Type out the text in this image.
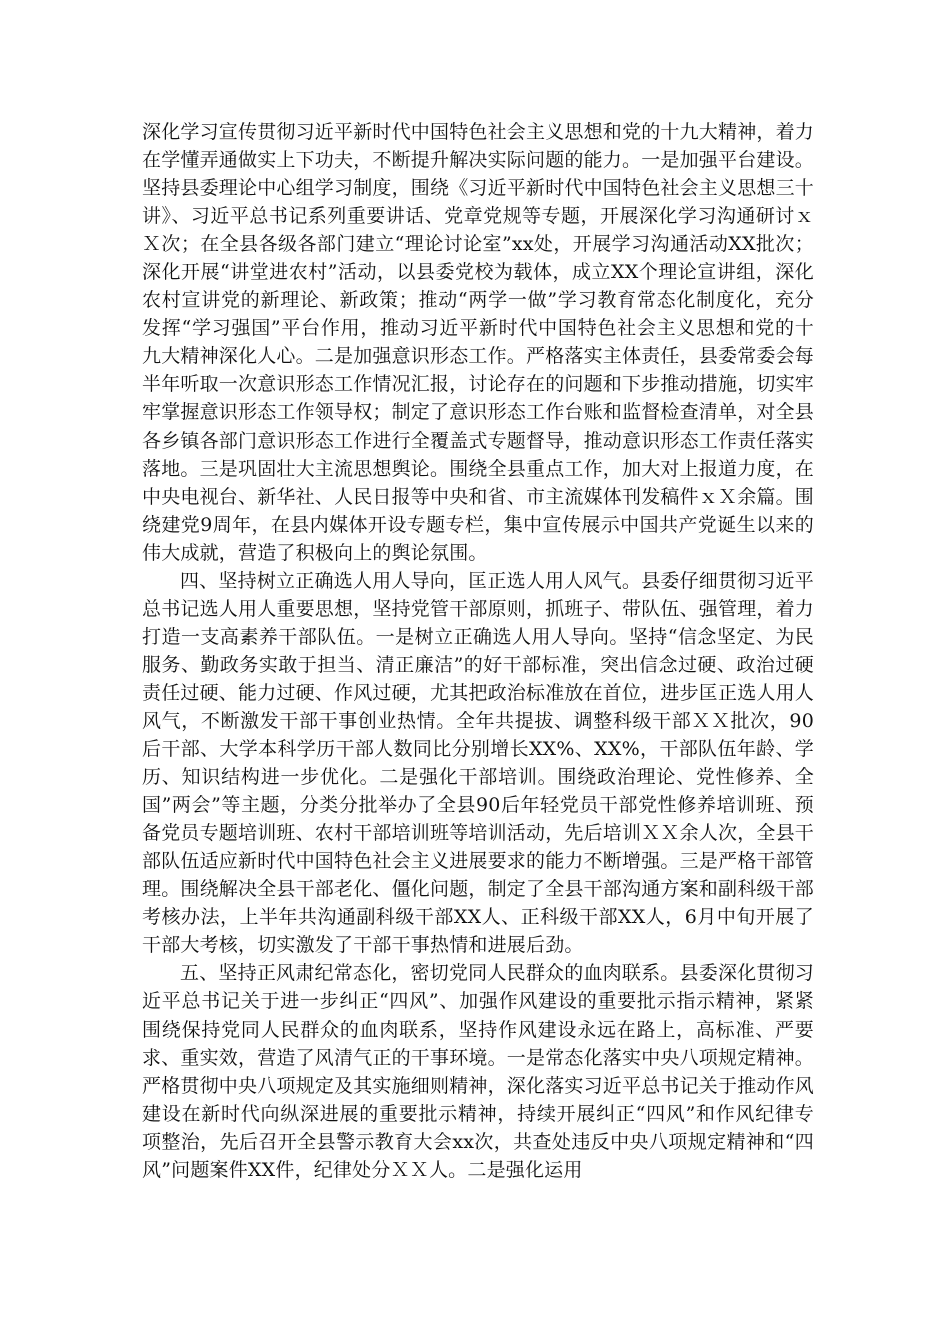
深化学习宣传贯彻习近平新时代中国特色社会主义思想和党的十九大精神，着力在学懂弄通做实上下功夫，不断提升解决实际问题的能力。一是加强平台建设。坚持县委理论中心组学习制度，围绕《习近平新时代中国特色社会主义思想三十讲》、习近平总书记系列重要讲话、党章党规等专题，开展深化学习沟通研讨ｘＸ次；在全县各级各部门建立“理论讨论室”xx处，开展学习沟通活动XX批次；深化开展“讲堂进农村”活动，以县委党校为载体，成立XX个理论宣讲组，深化农村宣讲党的新理论、新政策；推动“两学一做”学习教育常态化制度化，充分发挥“学习强国”平台作用，推动习近平新时代中国特色社会主义思想和党的十九大精神深化人心。二是加强意识形态工作。严格落实主体责任，县委常委会每半年听取一次意识形态工作情况汇报，讨论存在的问题和下步推动措施，切实牢牢掌握意识形态工作领导权；制定了意识形态工作台账和监督检查清单，对全县各乡镇各部门意识形态工作进行全覆盖式专题督导，推动意识形态工作责任落实落地。三是巩固壮大主流思想舆论。围绕全县重点工作，加大对上报道力度，在中央电视台、新华社、人民日报等中央和省、市主流媒体刊发稿件ｘＸ余篇。围绕建党9周年，在县内媒体开设专题专栏，集中宣传展示中国共产党诞生以来的伟大成就，营造了积极向上的舆论氛围。

四、坚持树立正确选人用人导向，匡正选人用人风气。县委仔细贯彻习近平总书记选人用人重要思想，坚持党管干部原则，抓班子、带队伍、强管理，着力打造一支高素养干部队伍。一是树立正确选人用人导向。坚持“信念坚定、为民服务、勤政务实敢于担当、清正廉洁”的好干部标准，突出信念过硬、政治过硬责任过硬、能力过硬、作风过硬，尤其把政治标准放在首位，进步匡正选人用人风气，不断激发干部干事创业热情。全年共提拔、调整科级干部ＸＸ批次，90后干部、大学本科学历干部人数同比分别增长XX%、XX%，干部队伍年龄、学历、知识结构进一步优化。二是强化干部培训。围绕政治理论、党性修养、全国”两会”等主题，分类分批举办了全县90后年轻党员干部党性修养培训班、预备党员专题培训班、农村干部培训班等培训活动，先后培训ＸＸ余人次，全县干部队伍适应新时代中国特色社会主义进展要求的能力不断增强。三是严格干部管理。围绕解决全县干部老化、僵化问题，制定了全县干部沟通方案和副科级干部考核办法，上半年共沟通副科级干部XX人、正科级干部XX人，6月中旬开展了干部大考核，切实激发了干部干事热情和进展后劲。

五、坚持正风肃纪常态化，密切党同人民群众的血肉联系。县委深化贯彻习近平总书记关于进一步纠正“四风”、加强作风建设的重要批示指示精神，紧紧围绕保持党同人民群众的血肉联系，坚持作风建设永远在路上，高标准、严要求、重实效，营造了风清气正的干事环境。一是常态化落实中央八项规定精神。严格贯彻中央八项规定及其实施细则精神，深化落实习近平总书记关于推动作风建设在新时代向纵深进展的重要批示精神，持续开展纠正“四风”和作风纪律专项整治，先后召开全县警示教育大会xx次，共查处违反中央八项规定精神和“四风”问题案件XX件，纪律处分ＸＸ人。二是强化运用
